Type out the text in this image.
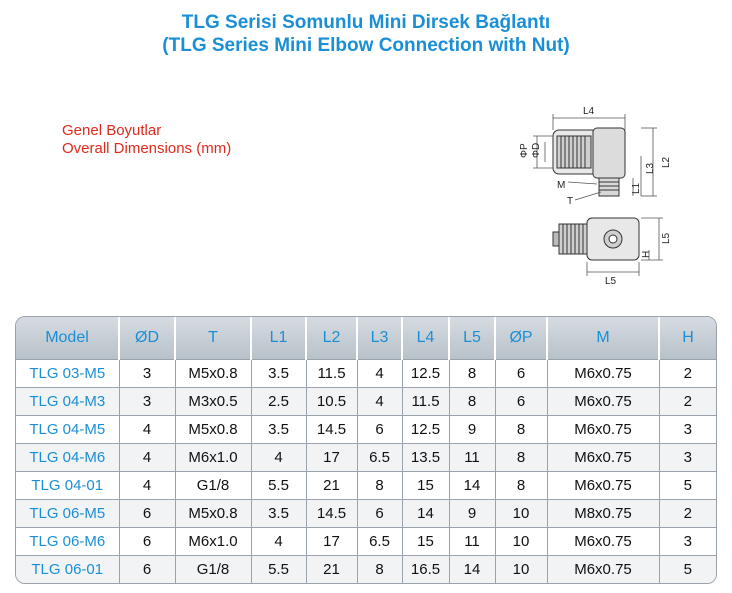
TLG Serisi Somunlu Mini Dirsek Bağlantı
(TLG Series Mini Elbow Connection with Nut)
Genel Boyutlar
Overall Dimensions (mm)
L4
ΦP ΦD
L2
L3
L1
M
T
L5
L5
H
Model	ØD	T	L1	L2	L3	L4	L5	ØP	M	H
TLG 03-M5	3	M5x0.8	3.5	11.5	4	12.5	8	6	M6x0.75	2
TLG 04-M3	3	M3x0.5	2.5	10.5	4	11.5	8	6	M6x0.75	2
TLG 04-M5	4	M5x0.8	3.5	14.5	6	12.5	9	8	M6x0.75	3
TLG 04-M6	4	M6x1.0	4	17	6.5	13.5	11	8	M6x0.75	3
TLG 04-01	4	G1/8	5.5	21	8	15	14	8	M6x0.75	5
TLG 06-M5	6	M5x0.8	3.5	14.5	6	14	9	10	M8x0.75	2
TLG 06-M6	6	M6x1.0	4	17	6.5	15	11	10	M6x0.75	3
TLG 06-01	6	G1/8	5.5	21	8	16.5	14	10	M6x0.75	5
